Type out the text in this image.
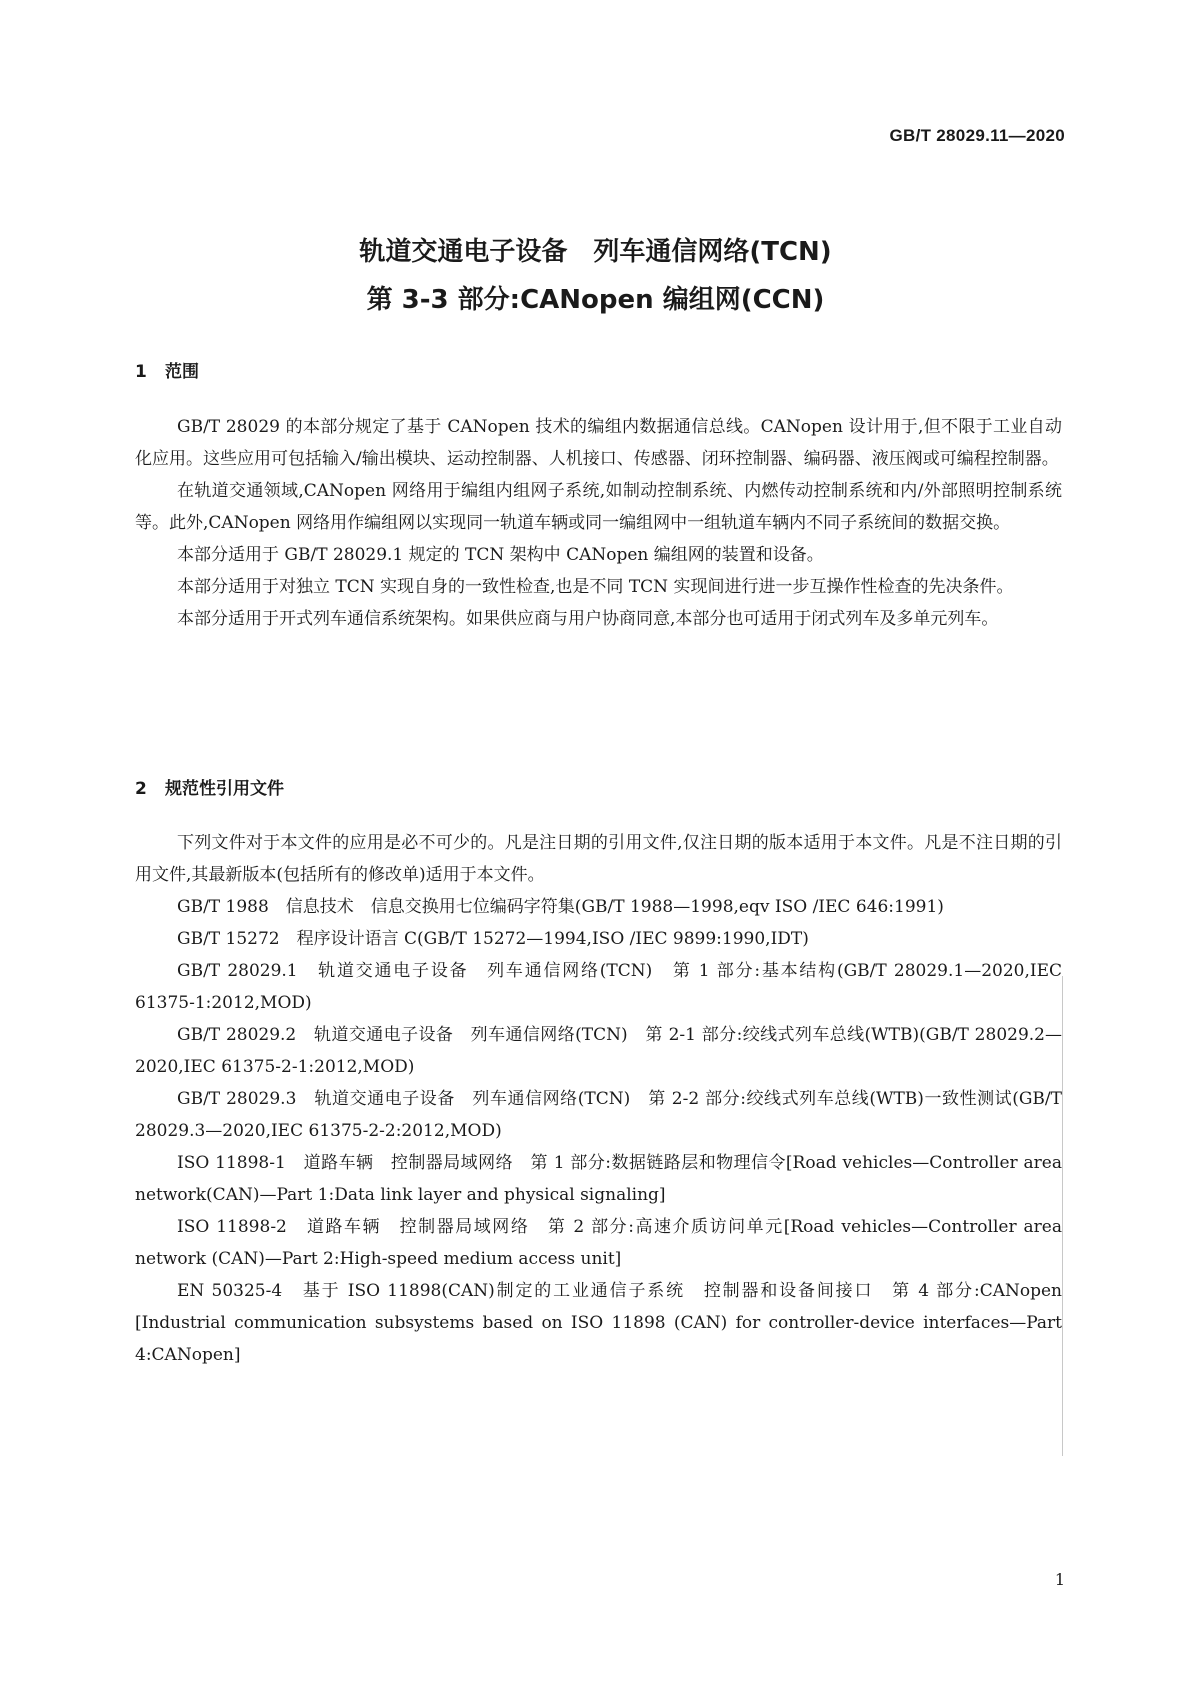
GB/T 28029.11—2020

轨道交通电子设备　列车通信网络(TCN)
第 3-3 部分:CANopen 编组网(CCN)
1 范围

GB/T 28029 的本部分规定了基于 CANopen 技术的编组内数据通信总线。CANopen 设计用于,但不限于工业自动化应用。这些应用可包括输入/输出模块、运动控制器、人机接口、传感器、闭环控制器、编码器、液压阀或可编程控制器。

在轨道交通领域,CANopen 网络用于编组内组网子系统,如制动控制系统、内燃传动控制系统和内/外部照明控制系统等。此外,CANopen 网络用作编组网以实现同一轨道车辆或同一编组网中一组轨道车辆内不同子系统间的数据交换。

本部分适用于 GB/T 28029.1 规定的 TCN 架构中 CANopen 编组网的装置和设备。

本部分适用于对独立 TCN 实现自身的一致性检查,也是不同 TCN 实现间进行进一步互操作性检查的先决条件。

本部分适用于开式列车通信系统架构。如果供应商与用户协商同意,本部分也可适用于闭式列车及多单元列车。

2 规范性引用文件

下列文件对于本文件的应用是必不可少的。凡是注日期的引用文件,仅注日期的版本适用于本文件。凡是不注日期的引用文件,其最新版本(包括所有的修改单)适用于本文件。

GB/T 1988　信息技术　信息交换用七位编码字符集(GB/T 1988—1998,eqv ISO /IEC 646:1991)

GB/T 15272　程序设计语言 C(GB/T 15272—1994,ISO /IEC 9899:1990,IDT)

GB/T 28029.1　轨道交通电子设备　列车通信网络(TCN)　第 1 部分:基本结构(GB/T 28029.1—2020,IEC 61375-1:2012,MOD)

GB/T 28029.2　轨道交通电子设备　列车通信网络(TCN)　第 2-1 部分:绞线式列车总线(WTB)(GB/T 28029.2—2020,IEC 61375-2-1:2012,MOD)

GB/T 28029.3　轨道交通电子设备　列车通信网络(TCN)　第 2-2 部分:绞线式列车总线(WTB)一致性测试(GB/T 28029.3—2020,IEC 61375-2-2:2012,MOD)

ISO 11898-1　道路车辆　控制器局域网络　第 1 部分:数据链路层和物理信令[Road vehicles—Controller area network(CAN)—Part 1:Data link layer and physical signaling]

ISO 11898-2　道路车辆　控制器局域网络　第 2 部分:高速介质访问单元[Road vehicles—Controller area network (CAN)—Part 2:High-speed medium access unit]

EN 50325-4　基于 ISO 11898(CAN)制定的工业通信子系统　控制器和设备间接口　第 4 部分:CANopen [Industrial communication subsystems based on ISO 11898 (CAN) for controller-device interfaces—Part 4:CANopen]

1
